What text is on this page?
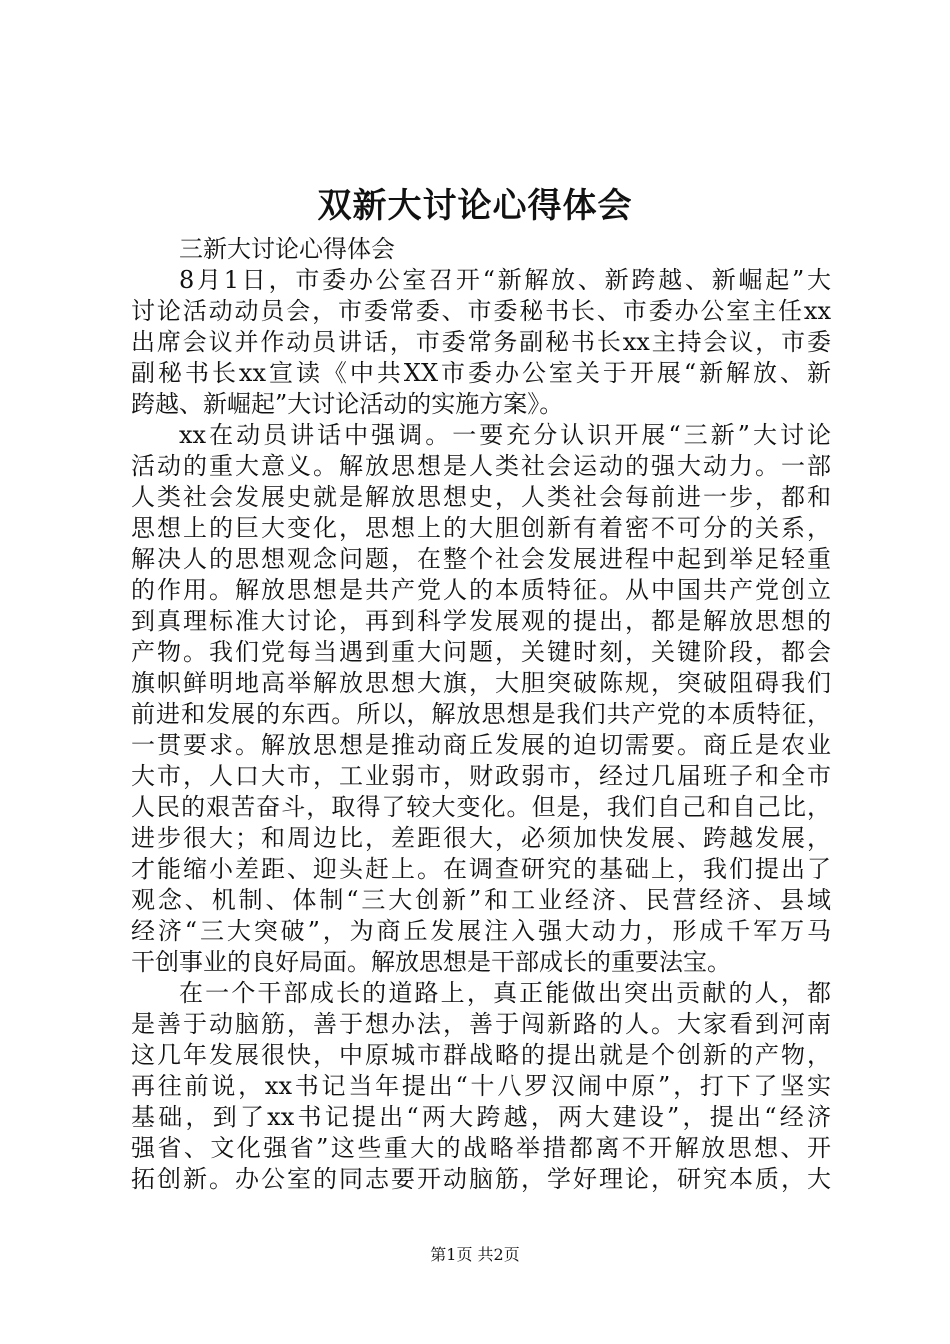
双新大讨论心得体会
三新大讨论心得体会
8月1日，市委办公室召开“新解放、新跨越、新崛起”大
讨论活动动员会，市委常委、市委秘书长、市委办公室主任xx
出席会议并作动员讲话，市委常务副秘书长xx主持会议，市委
副秘书长xx宣读《中共XX市委办公室关于开展“新解放、新
跨越、新崛起”大讨论活动的实施方案》。
xx在动员讲话中强调。一要充分认识开展“三新”大讨论
活动的重大意义。解放思想是人类社会运动的强大动力。一部
人类社会发展史就是解放思想史，人类社会每前进一步，都和
思想上的巨大变化，思想上的大胆创新有着密不可分的关系，
解决人的思想观念问题，在整个社会发展进程中起到举足轻重
的作用。解放思想是共产党人的本质特征。从中国共产党创立
到真理标准大讨论，再到科学发展观的提出，都是解放思想的
产物。我们党每当遇到重大问题，关键时刻，关键阶段，都会
旗帜鲜明地高举解放思想大旗，大胆突破陈规，突破阻碍我们
前进和发展的东西。所以，解放思想是我们共产党的本质特征，
一贯要求。解放思想是推动商丘发展的迫切需要。商丘是农业
大市，人口大市，工业弱市，财政弱市，经过几届班子和全市
人民的艰苦奋斗，取得了较大变化。但是，我们自己和自己比，
进步很大；和周边比，差距很大，必须加快发展、跨越发展，
才能缩小差距、迎头赶上。在调查研究的基础上，我们提出了
观念、机制、体制“三大创新”和工业经济、民营经济、县域
经济“三大突破”，为商丘发展注入强大动力，形成千军万马
干创事业的良好局面。解放思想是干部成长的重要法宝。
在一个干部成长的道路上，真正能做出突出贡献的人，都
是善于动脑筋，善于想办法，善于闯新路的人。大家看到河南
这几年发展很快，中原城市群战略的提出就是个创新的产物，
再往前说，xx书记当年提出“十八罗汉闹中原”，打下了坚实
基础，到了xx书记提出“两大跨越，两大建设”，提出“经济
强省、文化强省”这些重大的战略举措都离不开解放思想、开
拓创新。办公室的同志要开动脑筋，学好理论，研究本质，大
第1页 共2页
